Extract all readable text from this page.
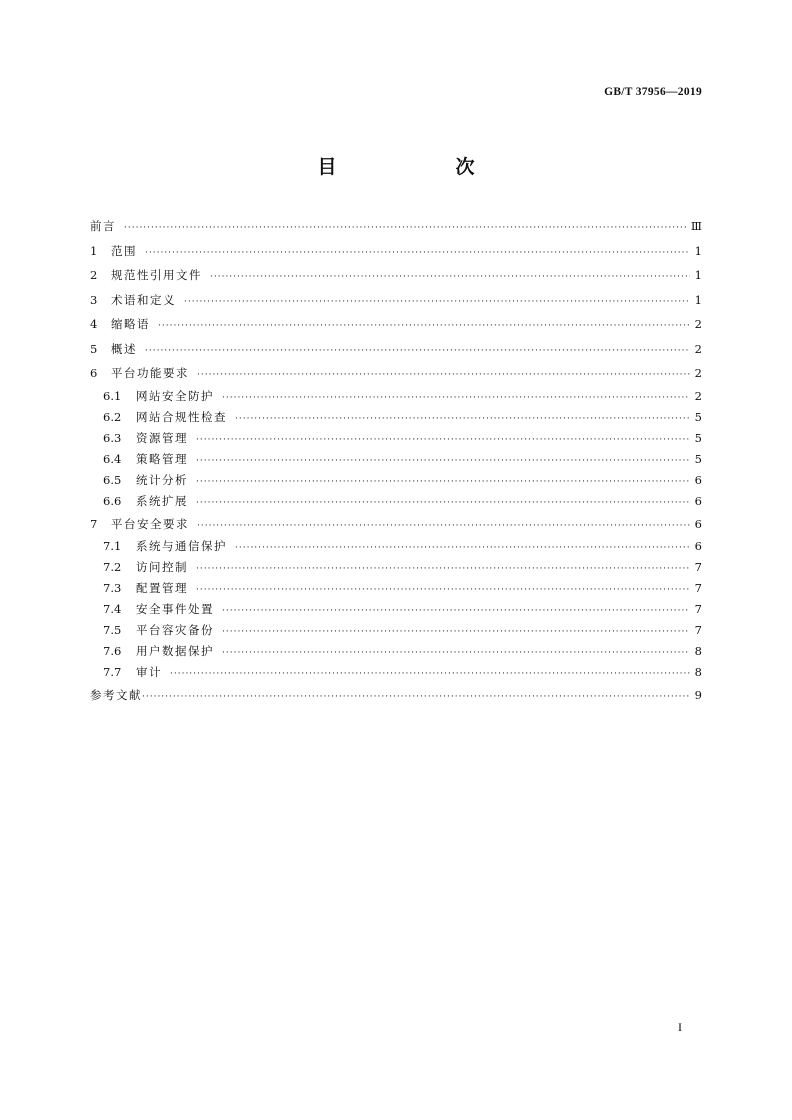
GB/T 37956—2019
目　次
前言 ·····	Ⅲ
1	范围 ·····	1
2	规范性引用文件 ·····	1
3	术语和定义 ·····	1
4	缩略语 ·····	2
5	概述 ·····	2
6	平台功能要求 ·····	2
6.1	网站安全防护 ·····	2
6.2	网站合规性检查 ·····	5
6.3	资源管理 ·····	5
6.4	策略管理 ·····	5
6.5	统计分析 ·····	6
6.6	系统扩展 ·····	6
7	平台安全要求 ·····	6
7.1	系统与通信保护 ·····	6
7.2	访问控制 ·····	7
7.3	配置管理 ·····	7
7.4	安全事件处置 ·····	7
7.5	平台容灾备份 ·····	7
7.6	用户数据保护 ·····	8
7.7	审计 ·····	8
参考文献 ·····	9
I
